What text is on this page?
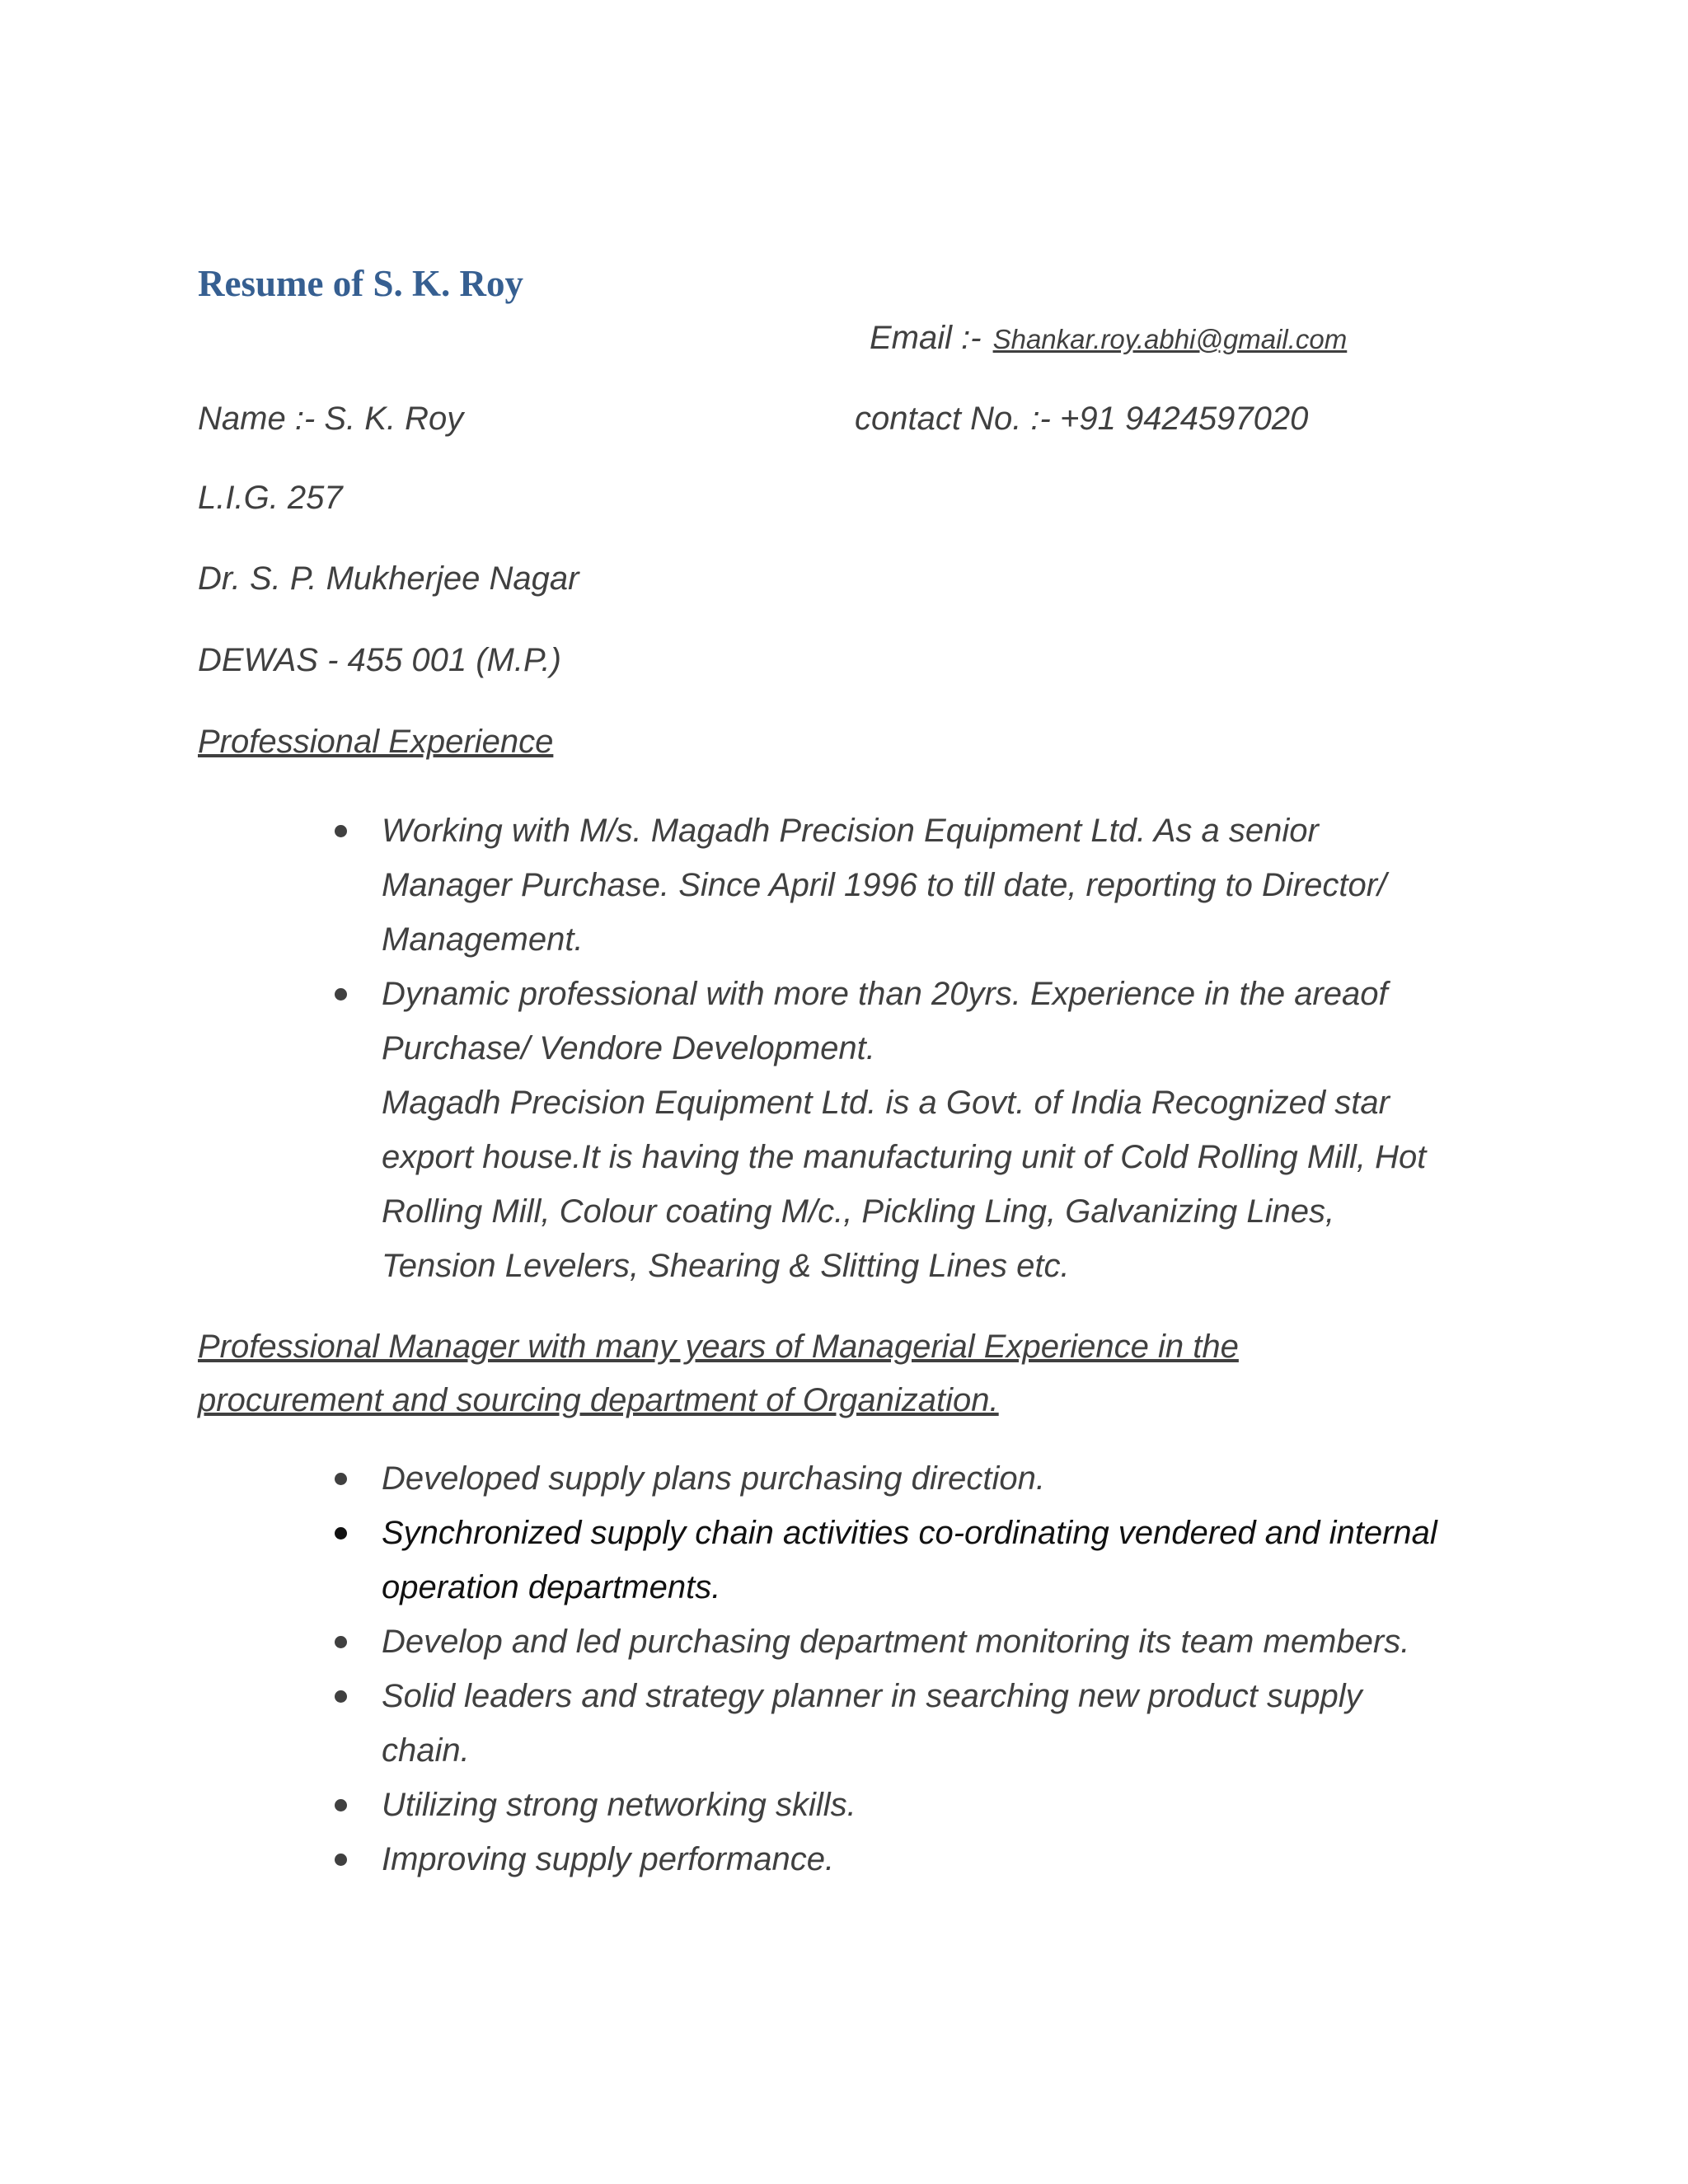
Resume of S. K. Roy
Email :- Shankar.roy.abhi@gmail.com
Name :- S. K. Roy	contact No. :- +91 9424597020
L.I.G. 257
Dr. S. P. Mukherjee Nagar
DEWAS - 455 001 (M.P.)
Professional Experience

Working with M/s. Magadh Precision Equipment Ltd. As a senior Manager Purchase. Since April 1996 to till date, reporting to Director/ Management.

Dynamic professional with more than 20yrs. Experience in the areaof Purchase/ Vendore Development.

Magadh Precision Equipment Ltd. is a Govt. of India Recognized star export house.It is having the manufacturing unit of Cold Rolling Mill, Hot Rolling Mill, Colour coating M/c., Pickling Ling, Galvanizing Lines, Tension Levelers, Shearing & Slitting Lines etc.

Professional Manager with many years of Managerial Experience in the procurement and sourcing department of Organization.

Developed supply plans purchasing direction.

Synchronized supply chain activities co-ordinating vendered and internal operation departments.

Develop and led purchasing department monitoring its team members.

Solid leaders and strategy planner in searching new product supply chain.

Utilizing strong networking skills.

Improving supply performance.
